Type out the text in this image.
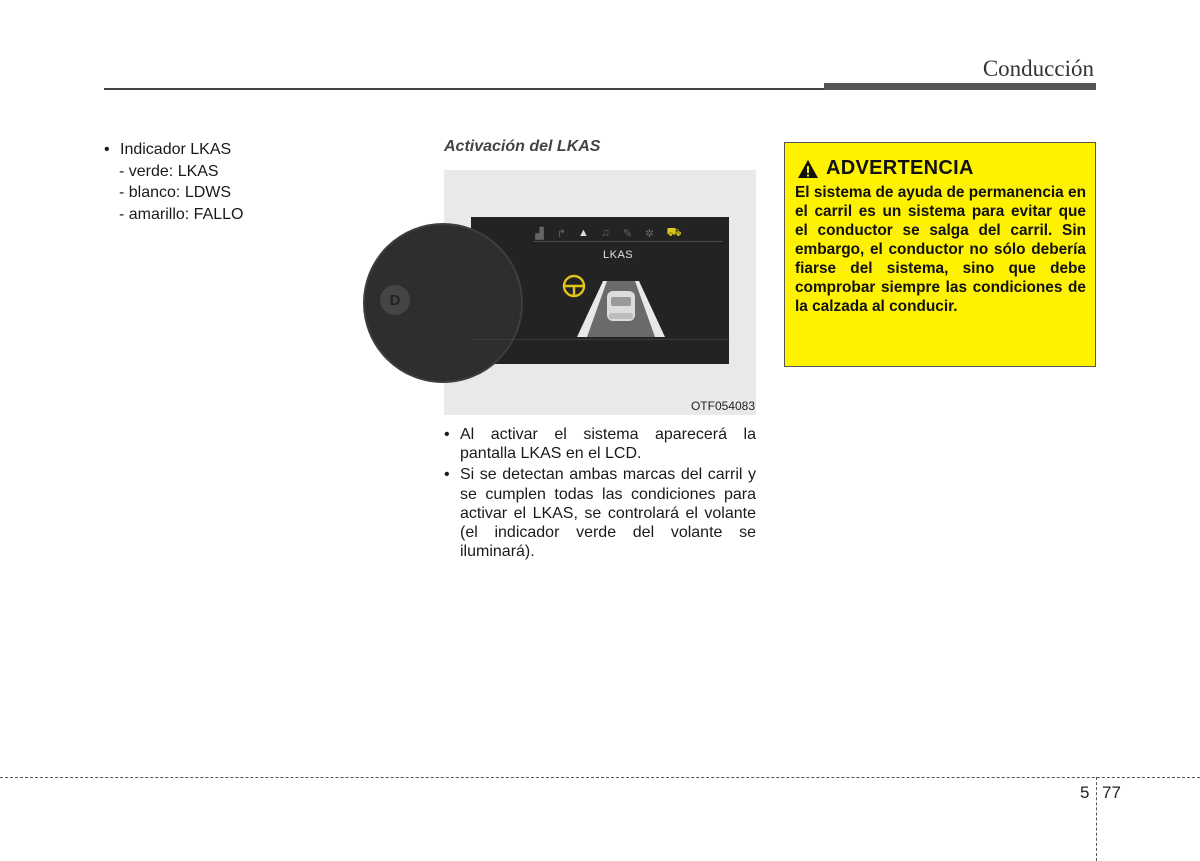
Conducción
• Indicador LKAS
- verde: LKAS
- blanco: LDWS
- amarillo: FALLO
Activación del LKAS
D
▟ ↱ ▲ ♫ ✎ ✲ ⛟
LKAS
OTF054083
• Al activar el sistema aparecerá la pantalla LKAS en el LCD.
• Si se detectan ambas marcas del carril y se cumplen todas las condiciones para activar el LKAS, se controlará el volante (el indicador verde del volante se iluminará).
ADVERTENCIA
El sistema de ayuda de permanencia en el carril es un sistema para evitar que el conductor se salga del carril. Sin embargo, el conductor no sólo debería fiarse del sistema, sino que debe comprobar siempre las condiciones de la calzada al conducir.
5 77
